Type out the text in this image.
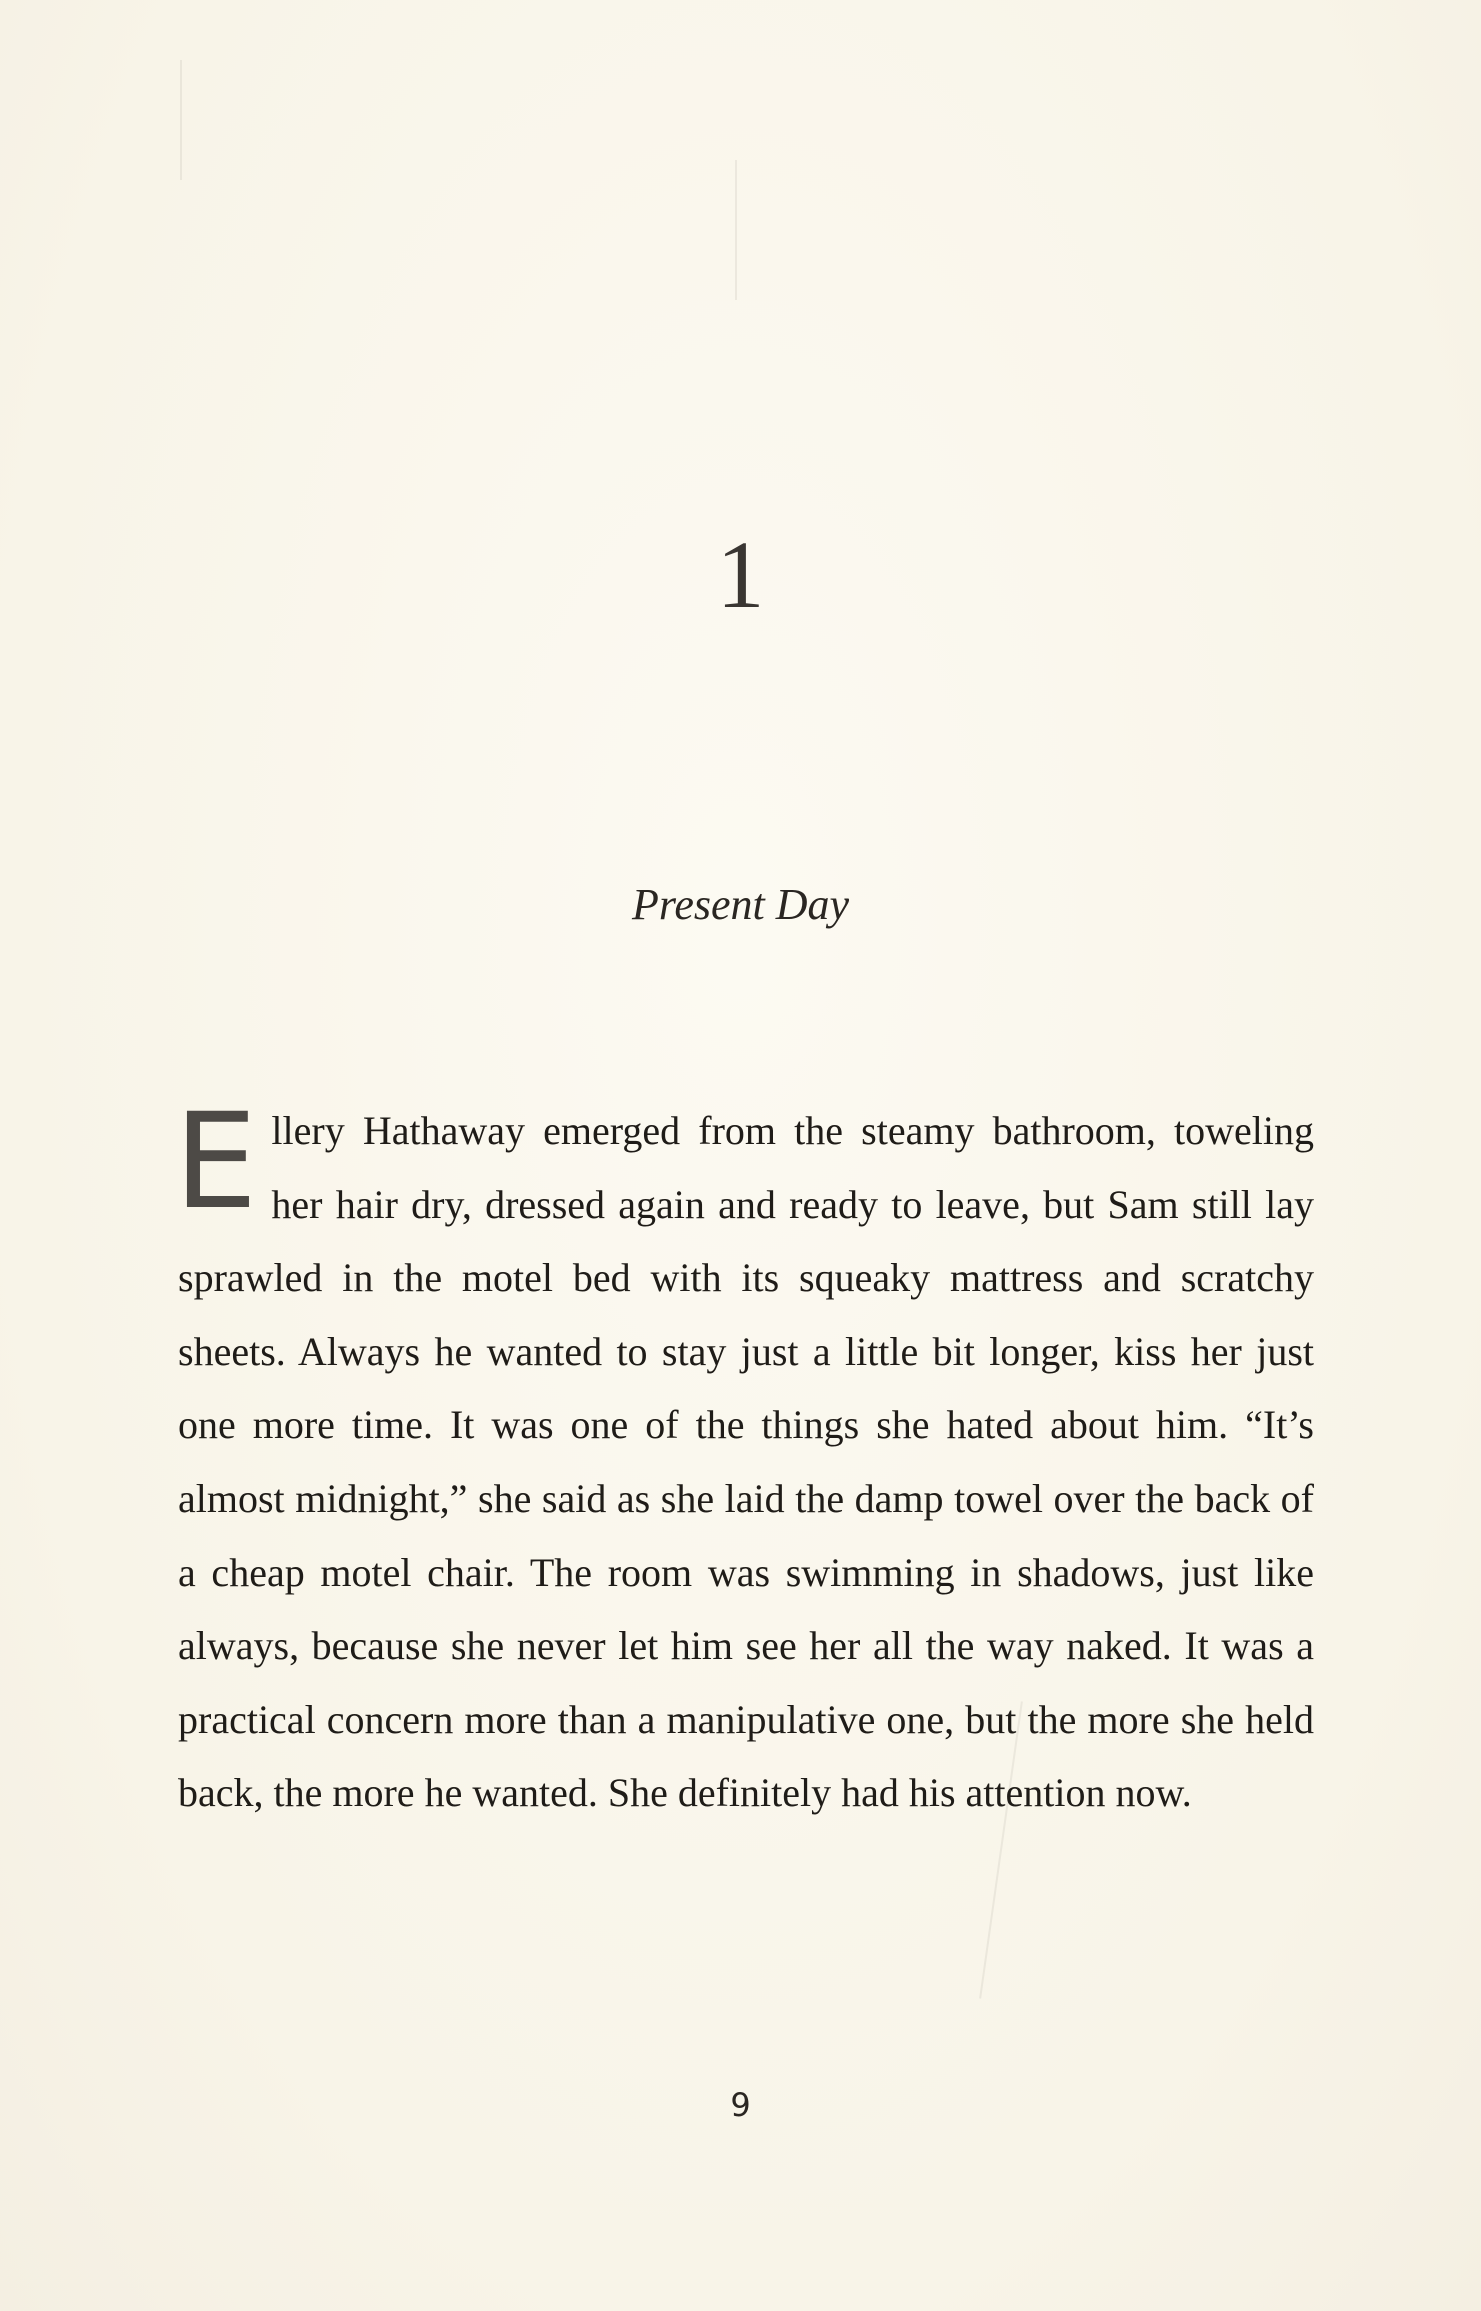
1
Present Day

Ellery Hathaway emerged from the steamy bathroom, toweling her hair dry, dressed again and ready to leave, but Sam still lay sprawled in the motel bed with its squeaky mattress and scratchy sheets. Always he wanted to stay just a little bit longer, kiss her just one more time. It was one of the things she hated about him. “It’s almost midnight,” she said as she laid the damp towel over the back of a cheap motel chair. The room was swimming in shadows, just like always, because she never let him see her all the way naked. It was a practical concern more than a manipulative one, but the more she held back, the more he wanted. She definitely had his attention now.

9
